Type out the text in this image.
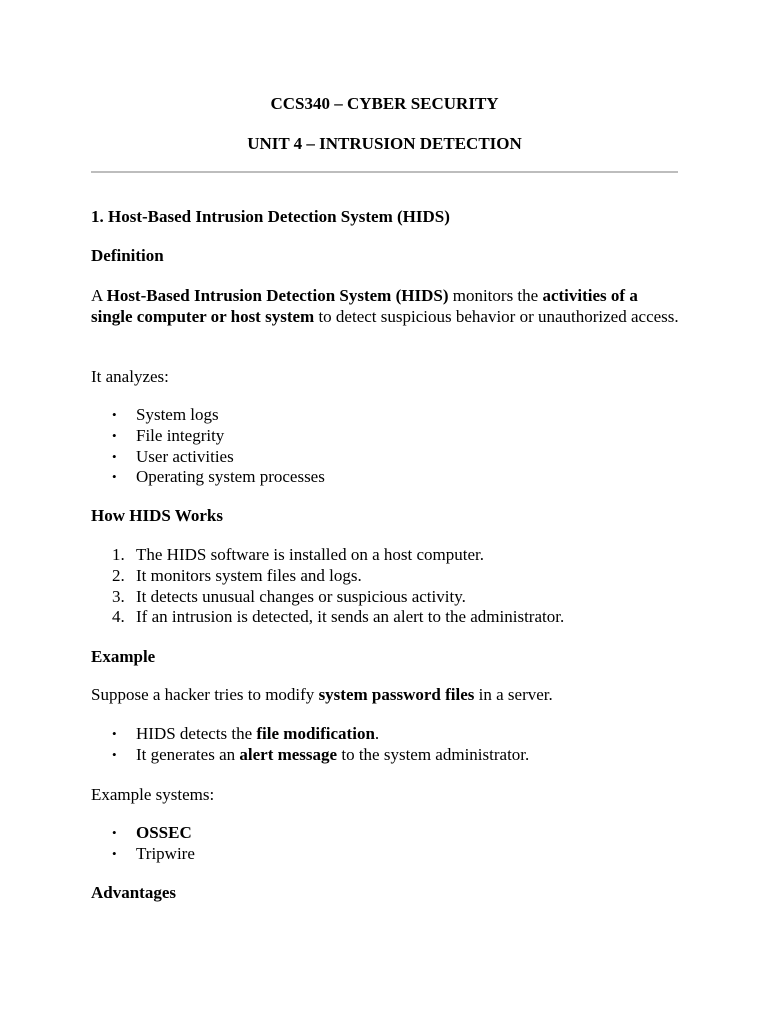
CCS340 – CYBER SECURITY
UNIT 4 – INTRUSION DETECTION
1. Host-Based Intrusion Detection System (HIDS)
Definition
A Host-Based Intrusion Detection System (HIDS) monitors the activities of a single computer or host system to detect suspicious behavior or unauthorized access.
It analyzes:
• System logs
• File integrity
• User activities
• Operating system processes
How HIDS Works
1. The HIDS software is installed on a host computer.
2. It monitors system files and logs.
3. It detects unusual changes or suspicious activity.
4. If an intrusion is detected, it sends an alert to the administrator.
Example
Suppose a hacker tries to modify system password files in a server.
• HIDS detects the file modification.
• It generates an alert message to the system administrator.
Example systems:
• OSSEC
• Tripwire
Advantages
